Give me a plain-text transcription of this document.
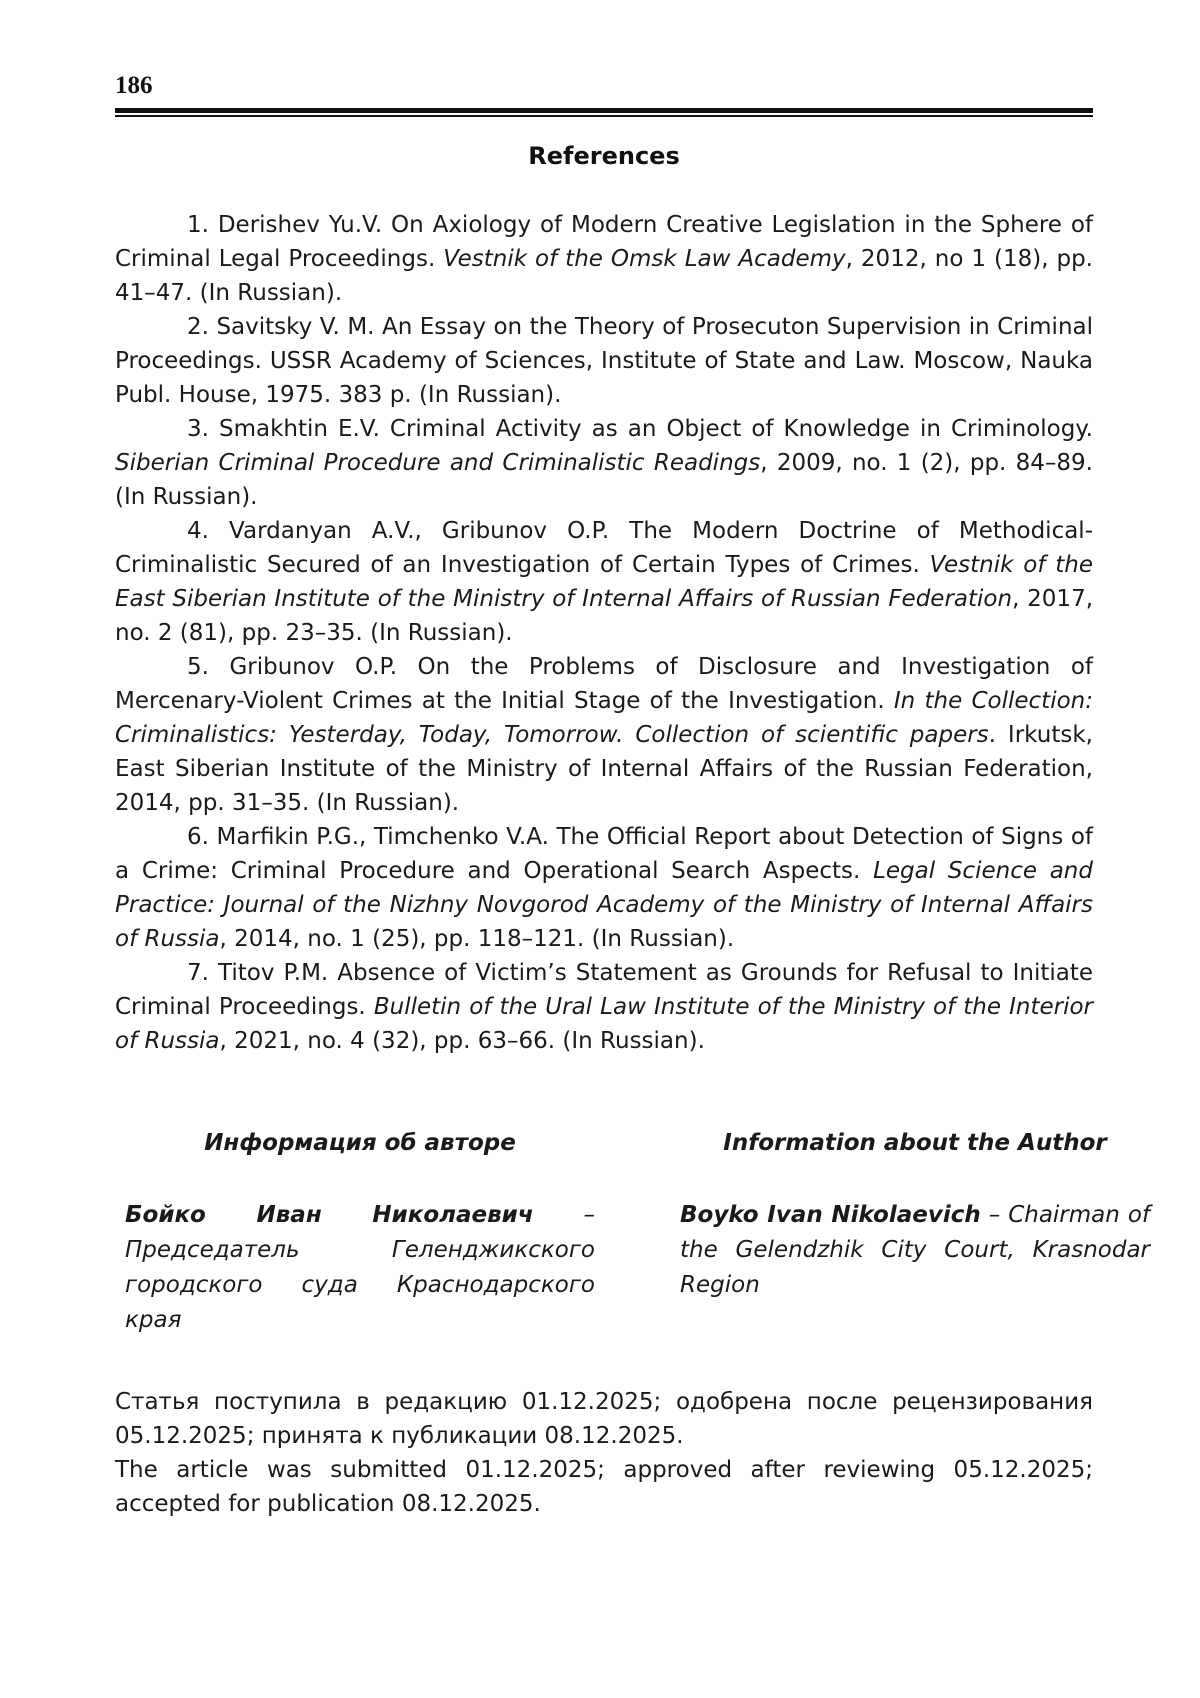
186
References
1. Derishev Yu.V. On Axiology of Modern Creative Legislation in the Sphere of Criminal Legal Proceedings. Vestnik of the Omsk Law Academy, 2012, no 1 (18), pp. 41–47. (In Russian).
2. Savitsky V. M. An Essay on the Theory of Prosecuton Supervision in Criminal Proceedings. USSR Academy of Sciences, Institute of State and Law. Moscow, Nauka Publ. House, 1975. 383 p. (In Russian).
3. Smakhtin E.V. Criminal Activity as an Object of Knowledge in Criminology. Siberian Criminal Procedure and Criminalistic Readings, 2009, no. 1 (2), pp. 84–89. (In Russian).
4. Vardanyan A.V., Gribunov O.P. The Modern Doctrine of Methodical-Criminalistic Secured of an Investigation of Certain Types of Crimes. Vestnik of the East Siberian Institute of the Ministry of Internal Affairs of Russian Federation, 2017, no. 2 (81), pp. 23–35. (In Russian).
5. Gribunov O.P. On the Problems of Disclosure and Investigation of Mercenary-Violent Crimes at the Initial Stage of the Investigation. In the Collection: Criminalistics: Yesterday, Today, Tomorrow. Collection of scientific papers. Irkutsk, East Siberian Institute of the Ministry of Internal Affairs of the Russian Federation, 2014, pp. 31–35. (In Russian).
6. Marfikin P.G., Timchenko V.A. The Official Report about Detection of Signs of a Crime: Criminal Procedure and Operational Search Aspects. Legal Science and Practice: Journal of the Nizhny Novgorod Academy of the Ministry of Internal Affairs of Russia, 2014, no. 1 (25), pp. 118–121. (In Russian).
7. Titov P.M. Absence of Victim’s Statement as Grounds for Refusal to Initiate Criminal Proceedings. Bulletin of the Ural Law Institute of the Ministry of the Interior of Russia, 2021, no. 4 (32), pp. 63–66. (In Russian).
Информация об авторе
Бойко Иван Николаевич – Председатель Геленджикского городского суда Краснодарского края
Information about the Author
Boyko Ivan Nikolaevich – Chairman of the Gelendzhik City Court, Krasnodar Region

Статья поступила в редакцию 01.12.2025; одобрена после рецензирования 05.12.2025; принята к публикации 08.12.2025.

The article was submitted 01.12.2025; approved after reviewing 05.12.2025; accepted for publication 08.12.2025.
